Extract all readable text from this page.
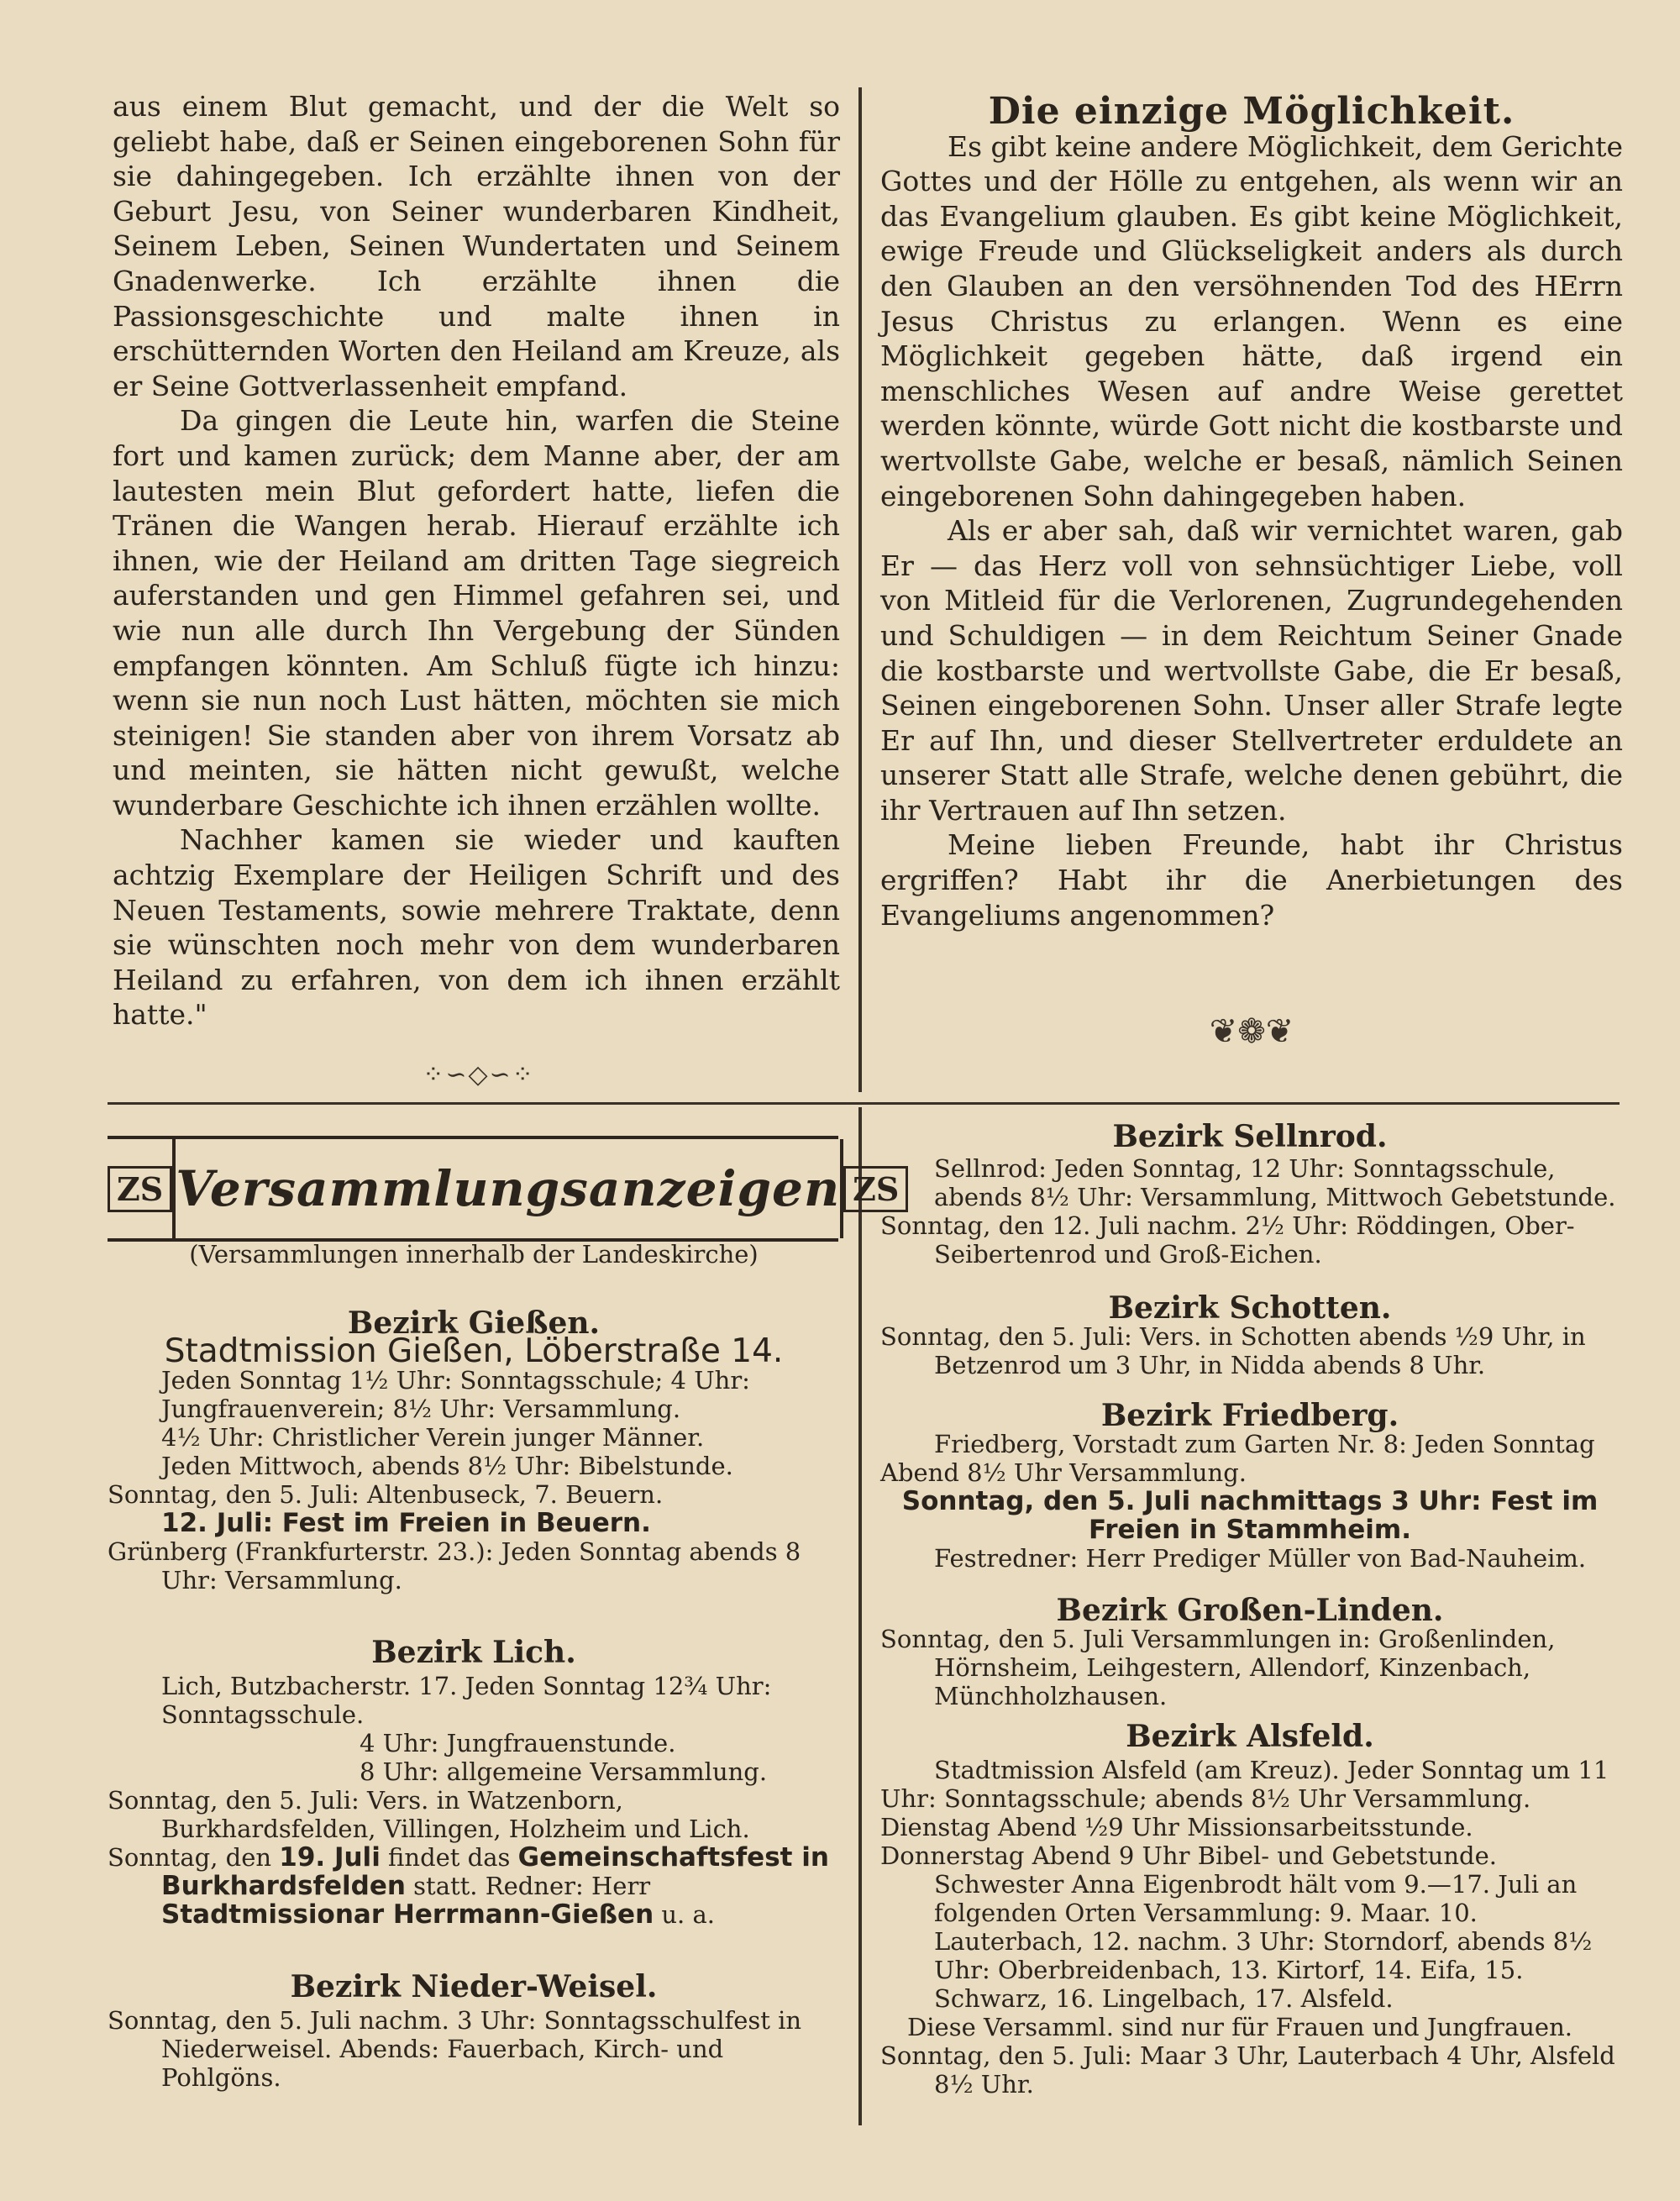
aus einem Blut gemacht, und der die Welt so geliebt habe, daß er Seinen eingeborenen Sohn für sie dahingegeben. Ich erzählte ihnen von der Geburt Jesu, von Seiner wunderbaren Kindheit, Seinem Leben, Seinen Wundertaten und Seinem Gnadenwerke. Ich erzählte ihnen die Passionsgeschichte und malte ihnen in erschütternden Worten den Heiland am Kreuze, als er Seine Gottverlassenheit empfand.

Da gingen die Leute hin, warfen die Steine fort und kamen zurück; dem Manne aber, der am lautesten mein Blut gefordert hatte, liefen die Tränen die Wangen herab. Hierauf erzählte ich ihnen, wie der Heiland am dritten Tage siegreich auferstanden und gen Himmel gefahren sei, und wie nun alle durch Ihn Vergebung der Sünden empfangen könnten. Am Schluß fügte ich hinzu: wenn sie nun noch Lust hätten, möchten sie mich steinigen! Sie standen aber von ihrem Vorsatz ab und meinten, sie hätten nicht gewußt, welche wunderbare Geschichte ich ihnen erzählen wollte.

Nachher kamen sie wieder und kauften achtzig Exemplare der Heiligen Schrift und des Neuen Testaments, sowie mehrere Traktate, denn sie wünschten noch mehr von dem wunderbaren Heiland zu erfahren, von dem ich ihnen erzählt hatte."

⁘∽◇∽⁘

Die einzige Möglichkeit.

Es gibt keine andere Möglichkeit, dem Gerichte Gottes und der Hölle zu entgehen, als wenn wir an das Evangelium glauben. Es gibt keine Möglichkeit, ewige Freude und Glückseligkeit anders als durch den Glauben an den versöhnenden Tod des HErrn Jesus Christus zu erlangen. Wenn es eine Möglichkeit gegeben hätte, daß irgend ein menschliches Wesen auf andre Weise gerettet werden könnte, würde Gott nicht die kostbarste und wertvollste Gabe, welche er besaß, nämlich Seinen eingeborenen Sohn dahingegeben haben.

Als er aber sah, daß wir vernichtet waren, gab Er — das Herz voll von sehnsüchtiger Liebe, voll von Mitleid für die Verlorenen, Zugrundegehenden und Schuldigen — in dem Reichtum Seiner Gnade die kostbarste und wertvollste Gabe, die Er besaß, Seinen eingeborenen Sohn. Unser aller Strafe legte Er auf Ihn, und dieser Stellvertreter erduldete an unserer Statt alle Strafe, welche denen gebührt, die ihr Vertrauen auf Ihn setzen.

Meine lieben Freunde, habt ihr Christus ergriffen? Habt ihr die Anerbietungen des Evangeliums angenommen?

❦❁❦
ZS Versammlungsanzeigen ZS

(Versammlungen innerhalb der Landeskirche)

Bezirk Gießen.

Stadtmission Gießen, Löberstraße 14.

Jeden Sonntag 1½ Uhr: Sonntagsschule; 4 Uhr: Jungfrauenverein; 8½ Uhr: Versammlung.

4½ Uhr: Christlicher Verein junger Männer.

Jeden Mittwoch, abends 8½ Uhr: Bibelstunde.

Sonntag, den 5. Juli: Altenbuseck, 7. Beuern.

12. Juli: Fest im Freien in Beuern.

Grünberg (Frankfurterstr. 23.): Jeden Sonntag abends 8 Uhr: Versammlung.

Bezirk Lich.

Lich, Butzbacherstr. 17. Jeden Sonntag 12¾ Uhr: Sonntagsschule.

4 Uhr: Jungfrauenstunde.

8 Uhr: allgemeine Versammlung.

Sonntag, den 5. Juli: Vers. in Watzenborn, Burkhardsfelden, Villingen, Holzheim und Lich.

Sonntag, den 19. Juli findet das Gemeinschaftsfest in Burkhardsfelden statt. Redner: Herr Stadtmissionar Herrmann-Gießen u. a.

Bezirk Nieder-Weisel.

Sonntag, den 5. Juli nachm. 3 Uhr: Sonntagsschulfest in Niederweisel. Abends: Fauerbach, Kirch- und Pohlgöns.

Bezirk Sellnrod.

Sellnrod: Jeden Sonntag, 12 Uhr: Sonntagsschule, abends 8½ Uhr: Versammlung, Mittwoch Gebetstunde.

Sonntag, den 12. Juli nachm. 2½ Uhr: Röddingen, Ober-Seibertenrod und Groß-Eichen.

Bezirk Schotten.

Sonntag, den 5. Juli: Vers. in Schotten abends ½9 Uhr, in Betzenrod um 3 Uhr, in Nidda abends 8 Uhr.

Bezirk Friedberg.

Friedberg, Vorstadt zum Garten Nr. 8: Jeden Sonntag Abend 8½ Uhr Versammlung.

Sonntag, den 5. Juli nachmittags 3 Uhr: Fest im Freien in Stammheim.

Festredner: Herr Prediger Müller von Bad-Nauheim.

Bezirk Großen-Linden.

Sonntag, den 5. Juli Versammlungen in: Großenlinden, Hörnsheim, Leihgestern, Allendorf, Kinzenbach, Münchholzhausen.

Bezirk Alsfeld.

Stadtmission Alsfeld (am Kreuz). Jeder Sonntag um 11 Uhr: Sonntagsschule; abends 8½ Uhr Versammlung. Dienstag Abend ½9 Uhr Missionsarbeitsstunde. Donnerstag Abend 9 Uhr Bibel- und Gebetstunde.

Schwester Anna Eigenbrodt hält vom 9.—17. Juli an folgenden Orten Versammlung: 9. Maar. 10. Lauterbach, 12. nachm. 3 Uhr: Storndorf, abends 8½ Uhr: Oberbreidenbach, 13. Kirtorf, 14. Eifa, 15. Schwarz, 16. Lingelbach, 17. Alsfeld.

Diese Versamml. sind nur für Frauen und Jungfrauen.

Sonntag, den 5. Juli: Maar 3 Uhr, Lauterbach 4 Uhr, Alsfeld 8½ Uhr.
